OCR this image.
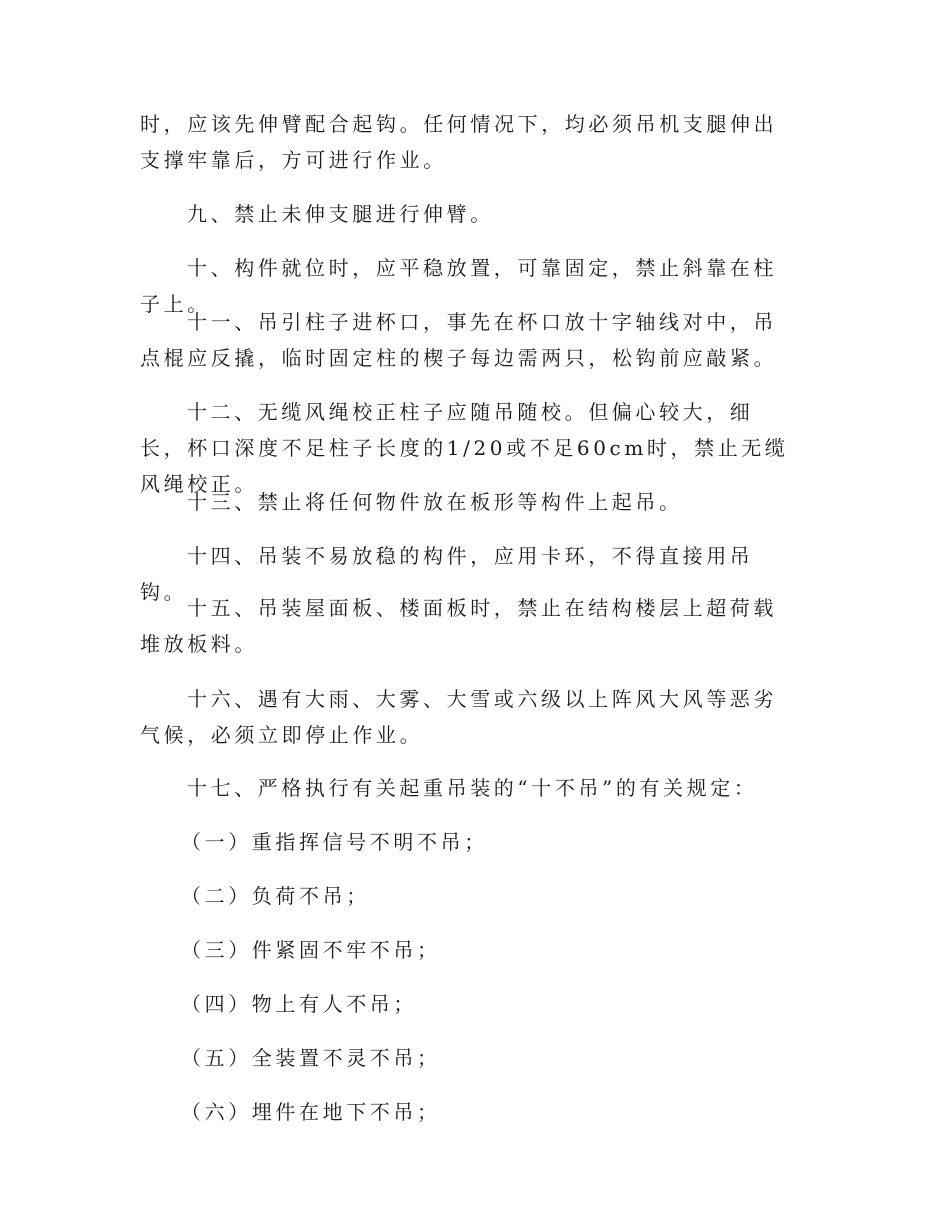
时，应该先伸臂配合起钩。任何情况下，均必须吊机支腿伸出支撑牢靠后，方可进行作业。

九、禁止未伸支腿进行伸臂。

十、构件就位时，应平稳放置，可靠固定，禁止斜靠在柱子上。

十一、吊引柱子进杯口，事先在杯口放十字轴线对中，吊点棍应反撬，临时固定柱的楔子每边需两只，松钩前应敲紧。

十二、无缆风绳校正柱子应随吊随校。但偏心较大，细长，杯口深度不足柱子长度的1/20或不足60cm时，禁止无缆风绳校正。

十三、禁止将任何物件放在板形等构件上起吊。

十四、吊装不易放稳的构件，应用卡环，不得直接用吊钩。

十五、吊装屋面板、楼面板时，禁止在结构楼层上超荷载堆放板料。

十六、遇有大雨、大雾、大雪或六级以上阵风大风等恶劣气候，必须立即停止作业。

十七、严格执行有关起重吊装的“十不吊”的有关规定：

（一）重指挥信号不明不吊；

（二）负荷不吊；

（三）件紧固不牢不吊；

（四）物上有人不吊；

（五）全装置不灵不吊；

（六）埋件在地下不吊；
